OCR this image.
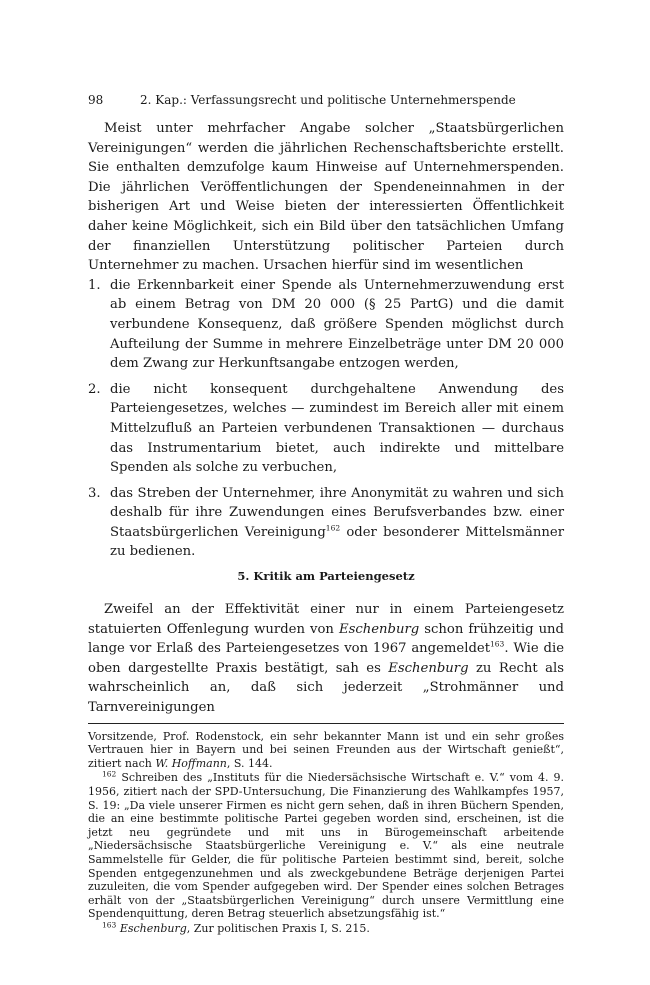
98	2. Kap.: Verfassungsrecht und politische Unternehmerspende

Meist unter mehrfacher Angabe solcher „Staatsbürgerlichen Vereinigungen“ werden die jährlichen Rechenschaftsberichte erstellt. Sie enthalten demzufolge kaum Hinweise auf Unternehmerspenden. Die jährlichen Veröffentlichungen der Spendeneinnahmen in der bisherigen Art und Weise bieten der interessierten Öffentlichkeit daher keine Möglichkeit, sich ein Bild über den tatsächlichen Umfang der finanziellen Unterstützung politischer Parteien durch Unternehmer zu machen. Ursachen hierfür sind im wesentlichen

1. die Erkennbarkeit einer Spende als Unternehmerzuwendung erst ab einem Betrag von DM 20 000 (§ 25 PartG) und die damit verbundene Konsequenz, daß größere Spenden möglichst durch Aufteilung der Summe in mehrere Einzelbeträge unter DM 20 000 dem Zwang zur Herkunftsangabe entzogen werden,
2. die nicht konsequent durchgehaltene Anwendung des Parteiengesetzes, welches — zumindest im Bereich aller mit einem Mittelzufluß an Parteien verbundenen Transaktionen — durchaus das Instrumentarium bietet, auch indirekte und mittelbare Spenden als solche zu verbuchen,
3. das Streben der Unternehmer, ihre Anonymität zu wahren und sich deshalb für ihre Zuwendungen eines Berufsverbandes bzw. einer Staatsbürgerlichen Vereinigung$^{162}$ oder besonderer Mittelsmänner zu bedienen.
5. Kritik am Parteiengesetz

Zweifel an der Effektivität einer nur in einem Parteiengesetz statuierten Offenlegung wurden von Eschenburg schon frühzeitig und lange vor Erlaß des Parteiengesetzes von 1967 angemeldet$^{163}$. Wie die oben dargestellte Praxis bestätigt, sah es Eschenburg zu Recht als wahrscheinlich an, daß sich jederzeit „Strohmänner und Tarnvereinigungen

Vorsitzende, Prof. Rodenstock, ein sehr bekannter Mann ist und ein sehr großes Vertrauen hier in Bayern und bei seinen Freunden aus der Wirtschaft genießt“, zitiert nach W. Hoffmann, S. 144.

$^{162}$ Schreiben des „Instituts für die Niedersächsische Wirtschaft e. V.“ vom 4. 9. 1956, zitiert nach der SPD-Untersuchung, Die Finanzierung des Wahlkampfes 1957, S. 19: „Da viele unserer Firmen es nicht gern sehen, daß in ihren Büchern Spenden, die an eine bestimmte politische Partei gegeben worden sind, erscheinen, ist die jetzt neu gegründete und mit uns in Bürogemeinschaft arbeitende „Niedersächsische Staatsbürgerliche Vereinigung e. V.“ als eine neutrale Sammelstelle für Gelder, die für politische Parteien bestimmt sind, bereit, solche Spenden entgegenzunehmen und als zweckgebundene Beträge derjenigen Partei zuzuleiten, die vom Spender aufgegeben wird. Der Spender eines solchen Betrages erhält von der „Staatsbürgerlichen Vereinigung“ durch unsere Vermittlung eine Spendenquittung, deren Betrag steuerlich absetzungsfähig ist.“

$^{163}$ Eschenburg, Zur politischen Praxis I, S. 215.
